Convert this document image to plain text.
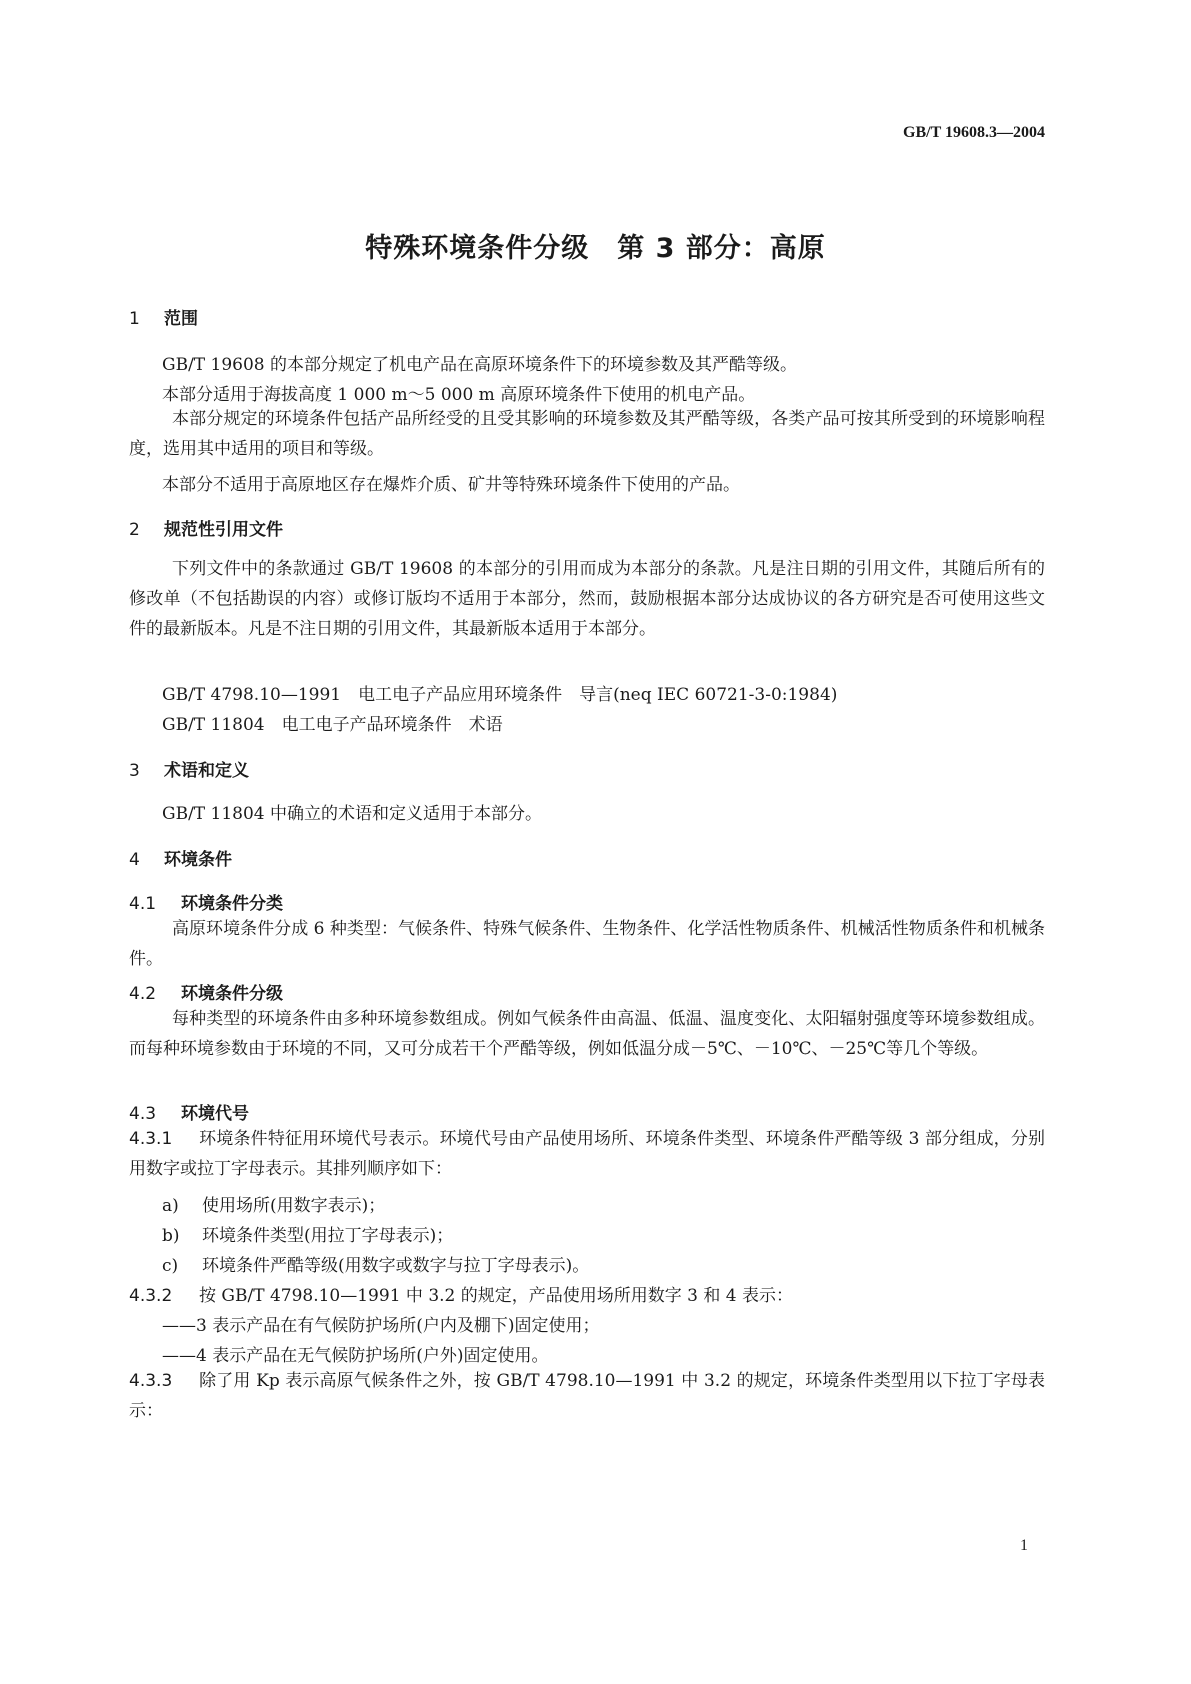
GB/T 19608.3—2004
特殊环境条件分级　第 3 部分：高原
1 范围
GB/T 19608 的本部分规定了机电产品在高原环境条件下的环境参数及其严酷等级。
本部分适用于海拔高度 1 000 m～5 000 m 高原环境条件下使用的机电产品。
本部分规定的环境条件包括产品所经受的且受其影响的环境参数及其严酷等级，各类产品可按其所受到的环境影响程度，选用其中适用的项目和等级。
本部分不适用于高原地区存在爆炸介质、矿井等特殊环境条件下使用的产品。
2 规范性引用文件
下列文件中的条款通过 GB/T 19608 的本部分的引用而成为本部分的条款。凡是注日期的引用文件，其随后所有的修改单（不包括勘误的内容）或修订版均不适用于本部分，然而，鼓励根据本部分达成协议的各方研究是否可使用这些文件的最新版本。凡是不注日期的引用文件，其最新版本适用于本部分。
GB/T 4798.10—1991　电工电子产品应用环境条件　导言(neq IEC 60721-3-0:1984)
GB/T 11804　电工电子产品环境条件　术语
3 术语和定义
GB/T 11804 中确立的术语和定义适用于本部分。
4 环境条件
4.1 环境条件分类
高原环境条件分成 6 种类型：气候条件、特殊气候条件、生物条件、化学活性物质条件、机械活性物质条件和机械条件。
4.2 环境条件分级
每种类型的环境条件由多种环境参数组成。例如气候条件由高温、低温、温度变化、太阳辐射强度等环境参数组成。而每种环境参数由于环境的不同，又可分成若干个严酷等级，例如低温分成－5℃、－10℃、－25℃等几个等级。
4.3 环境代号
4.3.1 环境条件特征用环境代号表示。环境代号由产品使用场所、环境条件类型、环境条件严酷等级 3 部分组成，分别用数字或拉丁字母表示。其排列顺序如下：
a) 使用场所(用数字表示)；
b) 环境条件类型(用拉丁字母表示)；
c) 环境条件严酷等级(用数字或数字与拉丁字母表示)。
4.3.2 按 GB/T 4798.10—1991 中 3.2 的规定，产品使用场所用数字 3 和 4 表示：
——3 表示产品在有气候防护场所(户内及棚下)固定使用；
——4 表示产品在无气候防护场所(户外)固定使用。
4.3.3 除了用 Kp 表示高原气候条件之外，按 GB/T 4798.10—1991 中 3.2 的规定，环境条件类型用以下拉丁字母表示：
1
